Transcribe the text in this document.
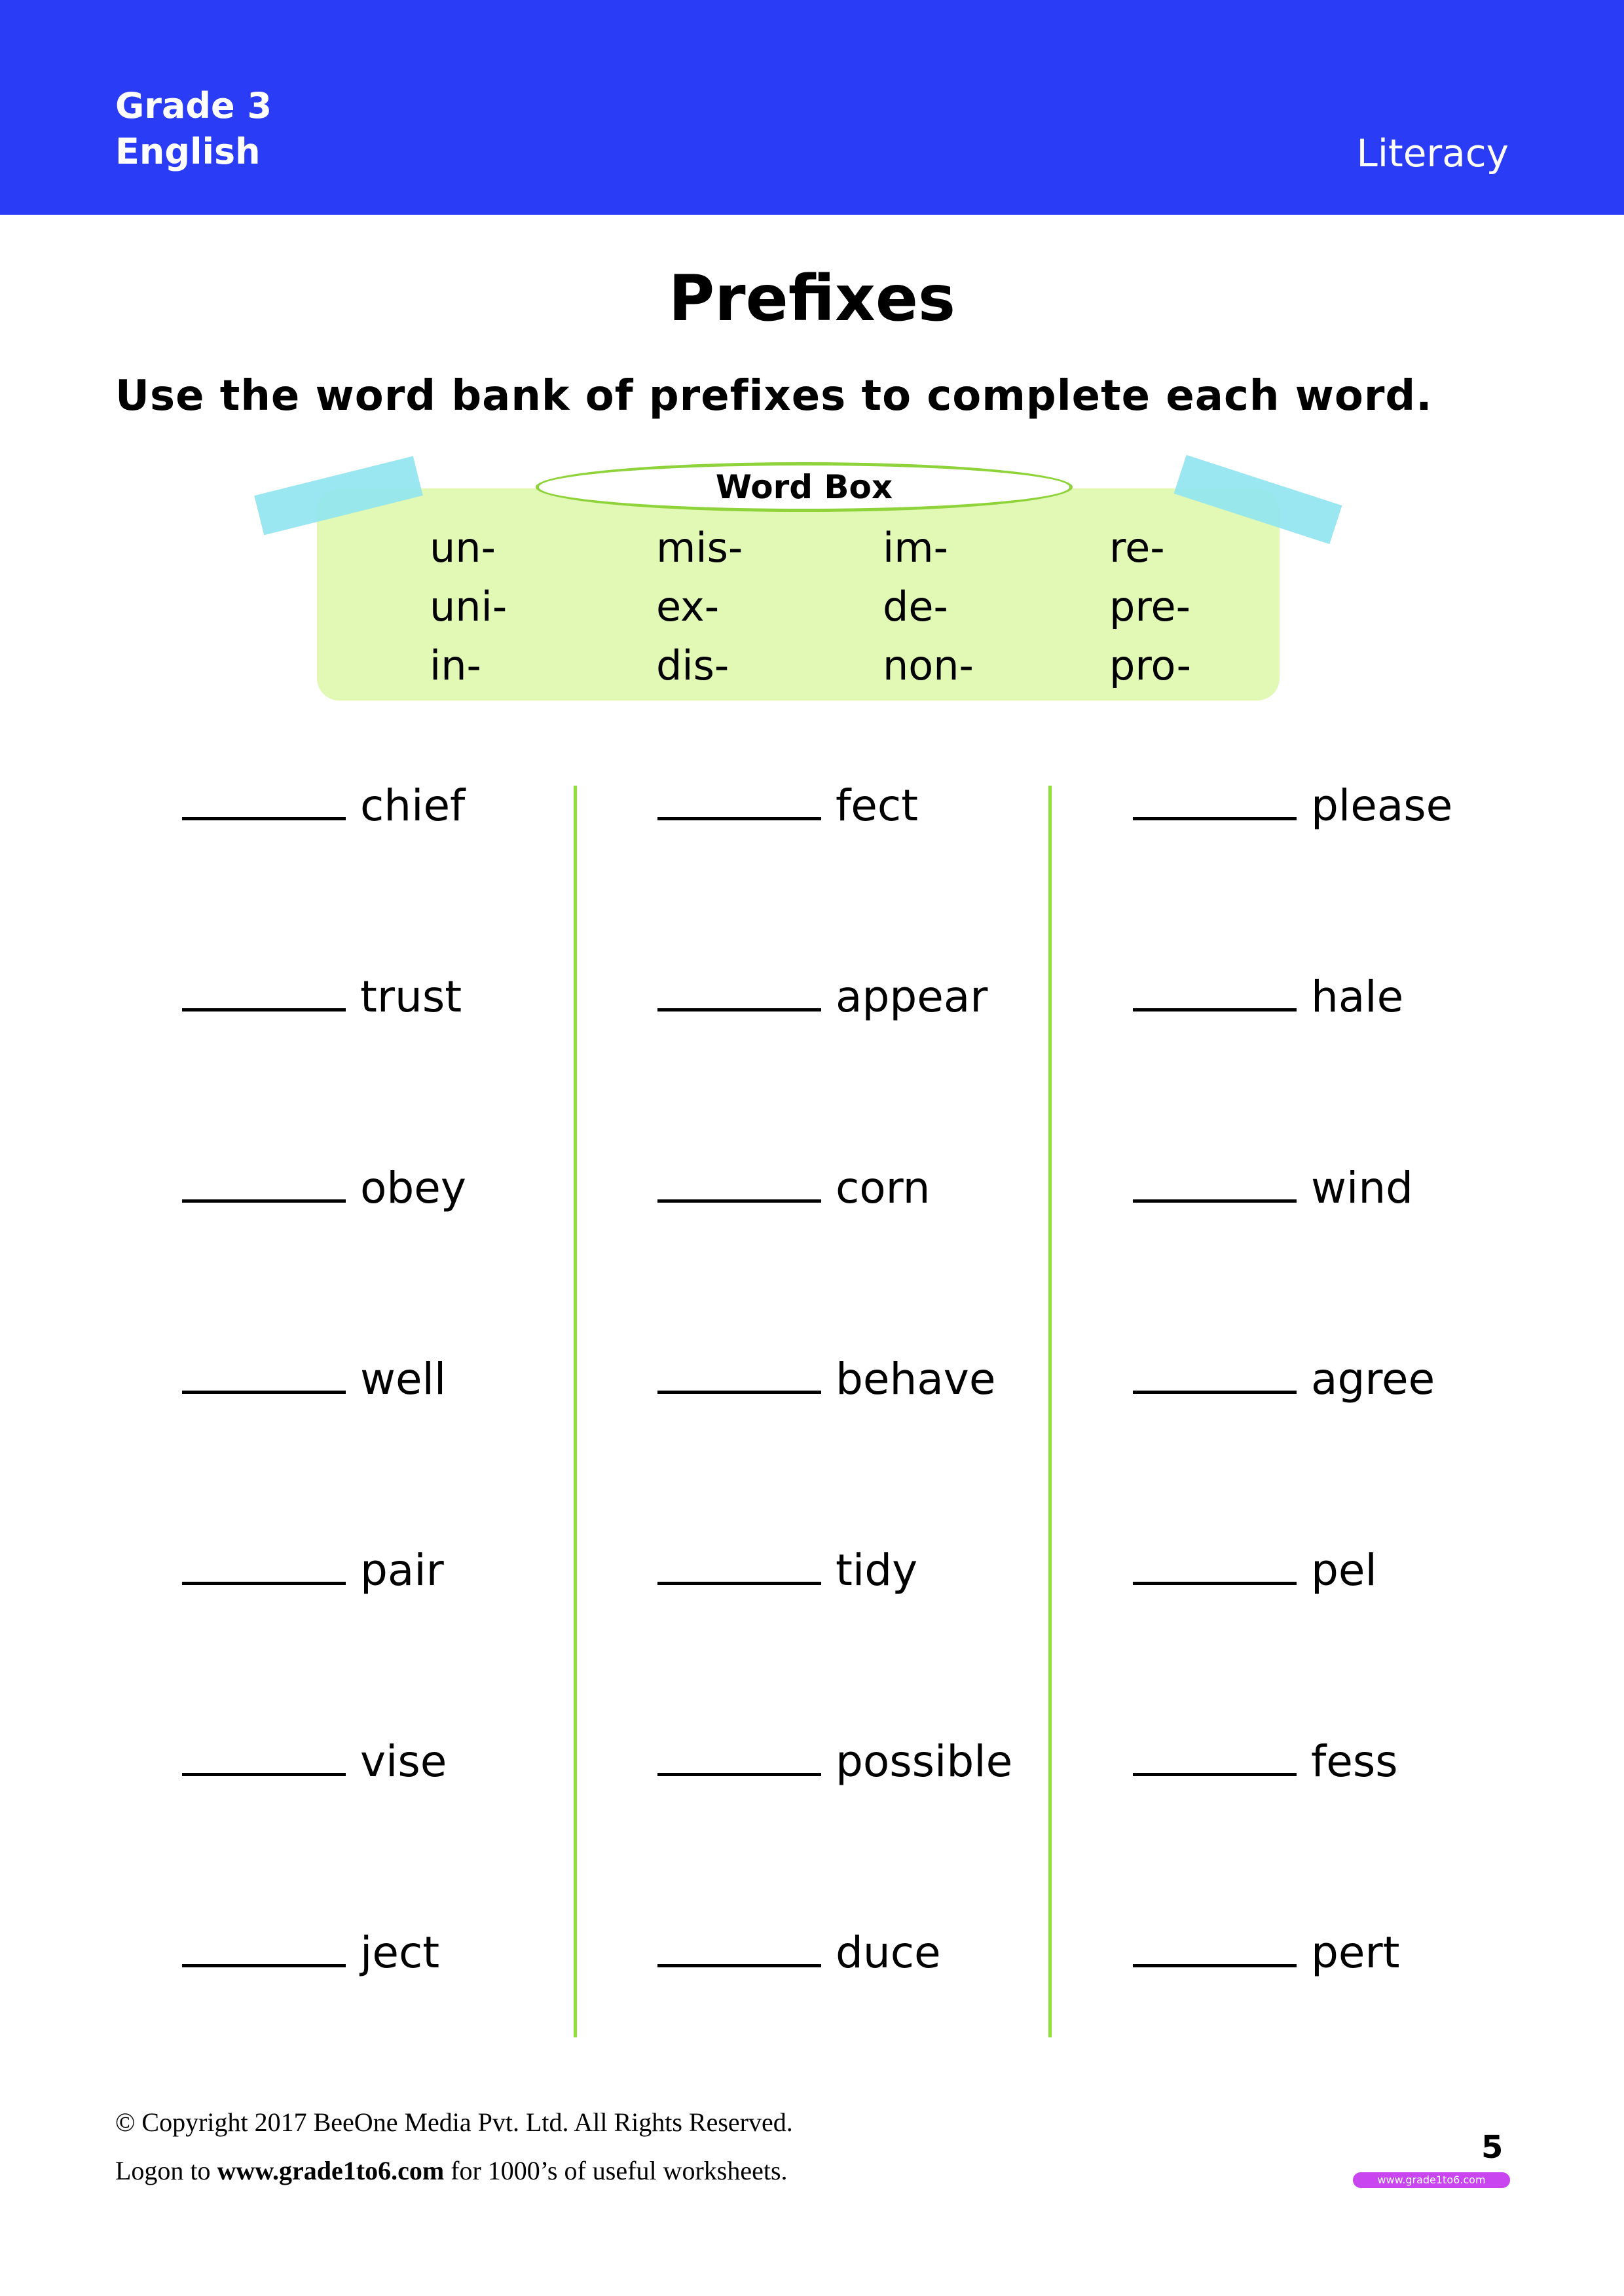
Grade 3
English	Literacy
Prefixes
Use the word bank of prefixes to complete each word.
Word Box
un-
uni-
in-
mis-
ex-
dis-
im-
de-
non-
re-
pre-
pro-
chief
trust
obey
well
pair
vise
ject
fect
appear
corn
behave
tidy
possible
duce
please
hale
wind
agree
pel
fess
pert
© Copyright 2017 BeeOne Media Pvt. Ltd. All Rights Reserved.
Logon to www.grade1to6.com for 1000’s of useful worksheets.
5
www.grade1to6.com
